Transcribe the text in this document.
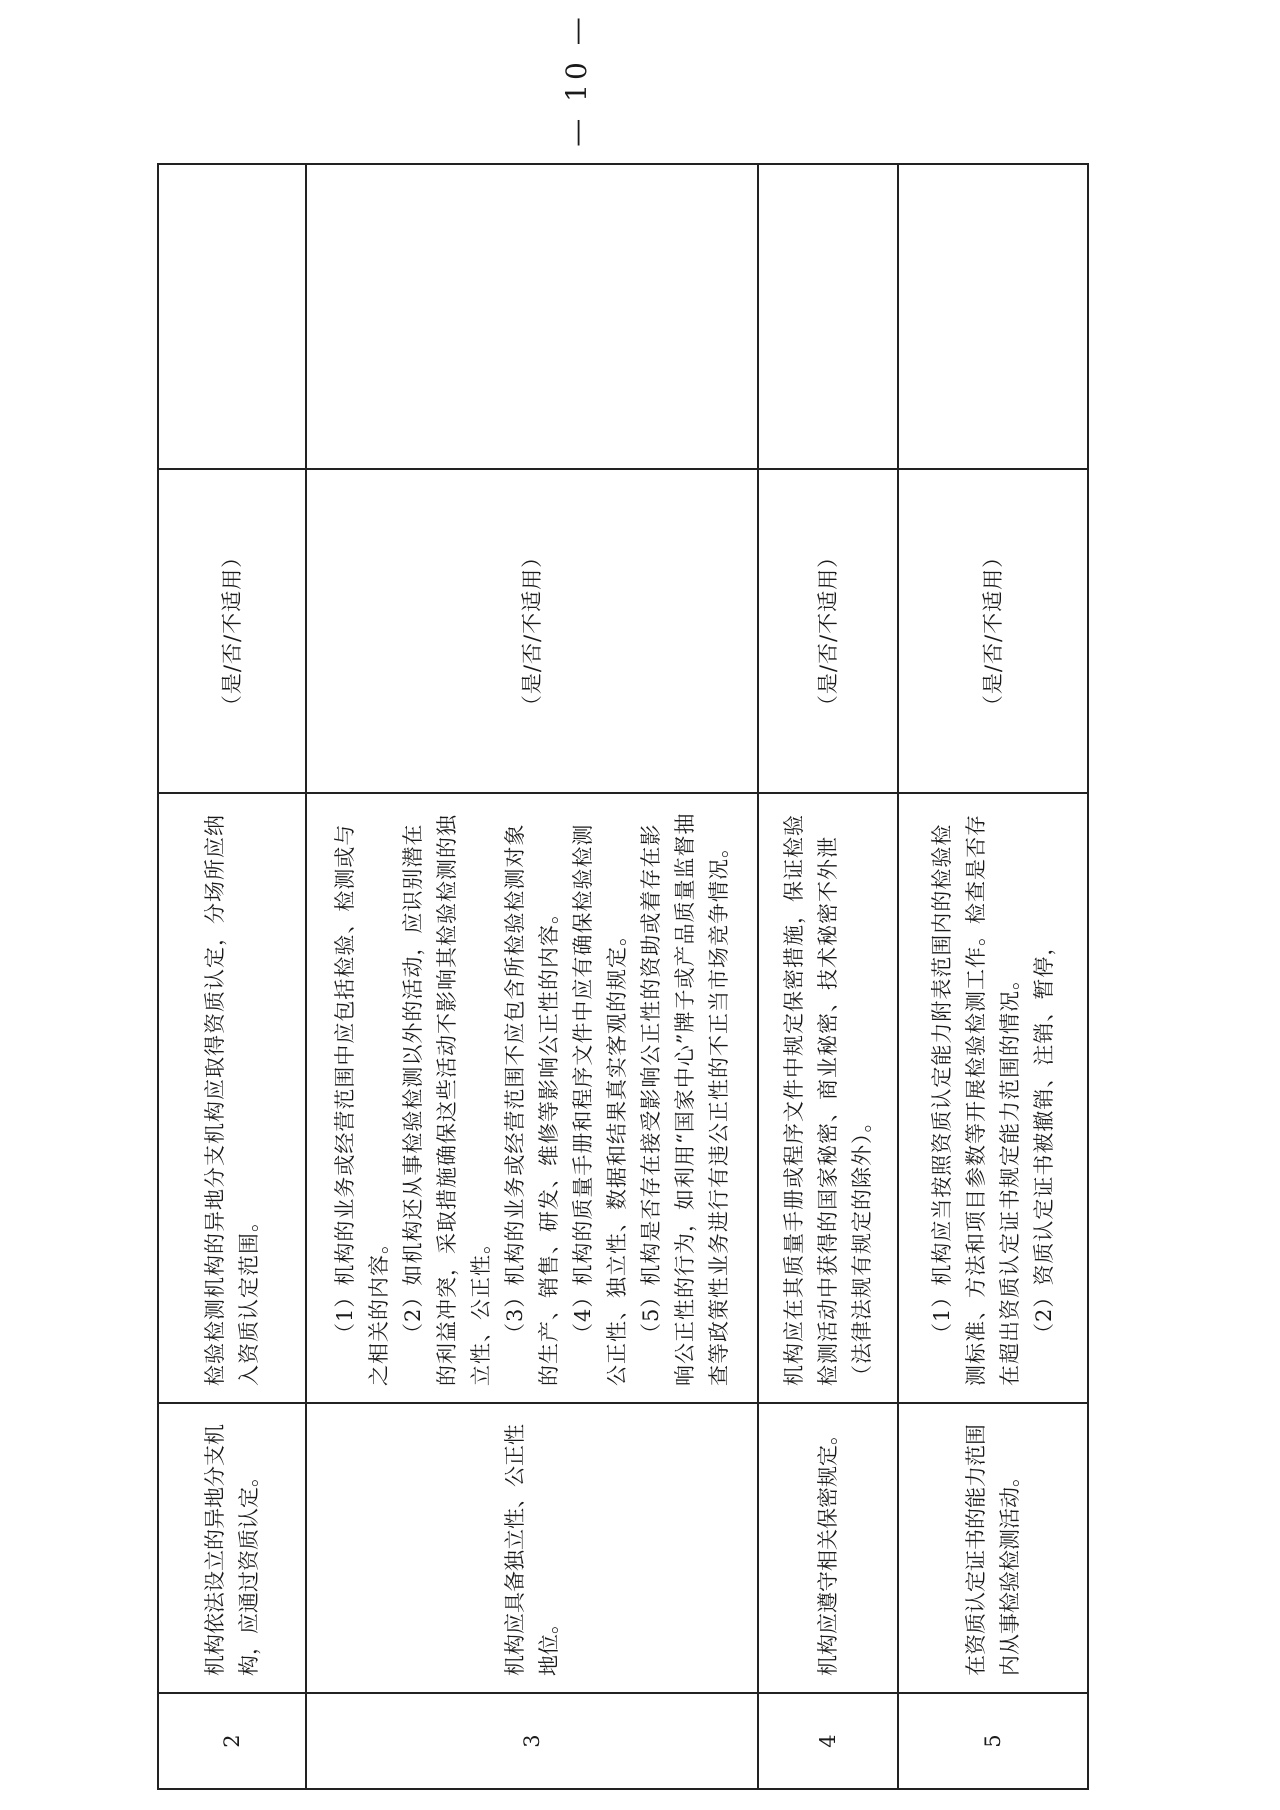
2	机构依法设立的异地分支机构，应通过资质认定。	检验检测机构的异地分支机构应取得资质认定，分场所应纳入资质认定范围。	（是/否/不适用）	
3	机构应具备独立性、公正性地位。	（1）机构的业务或经营范围中应包括检验、检测或与之相关的内容。 （2）如机构还从事检验检测以外的活动，应识别潜在的利益冲突，采取措施确保这些活动不影响其检验检测的独立性、公正性。 （3）机构的业务或经营范围不应包含所检验检测对象的生产、销售、研发、维修等影响公正性的内容。 （4）机构的质量手册和程序文件中应有确保检验检测公正性、独立性、数据和结果真实客观的规定。 （5）机构是否存在接受影响公正性的资助或着存在影响公正性的行为，如利用“国家中心”牌子或产品质量监督抽查等政策性业务进行有违公正性的不正当市场竞争情况。	（是/否/不适用）	
4	机构应遵守相关保密规定。	机构应在其质量手册或程序文件中规定保密措施，保证检验检测活动中获得的国家秘密、商业秘密、技术秘密不外泄（法律法规有规定的除外）。	（是/否/不适用）	
5	在资质认定证书的能力范围内从事检验检测活动。	（1）机构应当按照资质认定能力附表范围内的检验检测标准、方法和项目参数等开展检验检测工作。检查是否存在超出资质认定证书规定能力范围的情况。 （2）资质认定证书被撤销、注销、暂停，	（是/否/不适用）	
— 10 —
